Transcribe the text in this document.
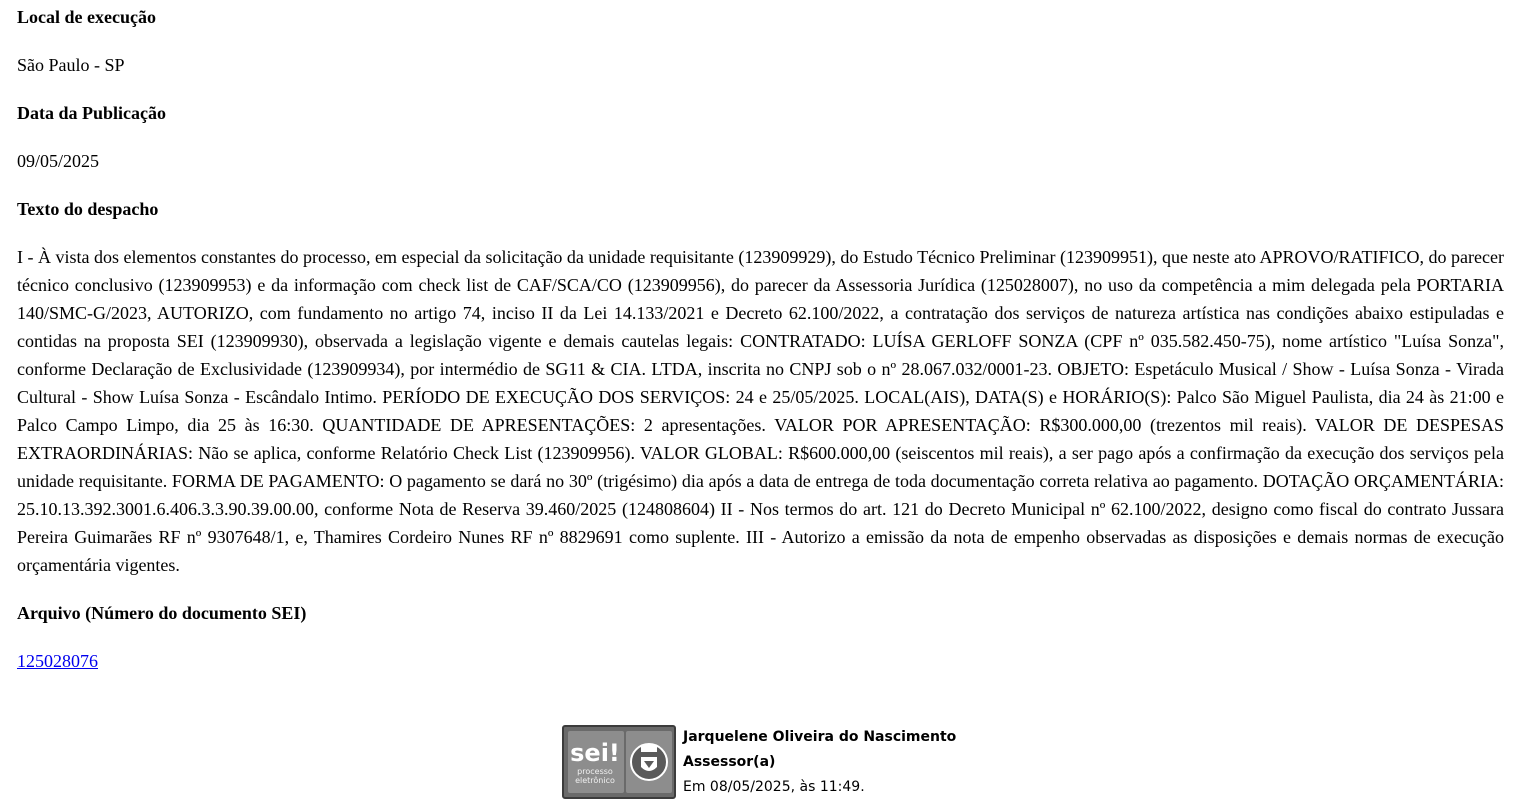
Local de execução
São Paulo - SP
Data da Publicação
09/05/2025
Texto do despacho
I - À vista dos elementos constantes do processo, em especial da solicitação da unidade requisitante (123909929), do Estudo Técnico Preliminar (123909951), que neste ato APROVO/RATIFICO, do parecer técnico conclusivo (123909953) e da informação com check list de CAF/SCA/CO (123909956), do parecer da Assessoria Jurídica (125028007), no uso da competência a mim delegada pela PORTARIA 140/SMC-G/2023, AUTORIZO, com fundamento no artigo 74, inciso II da Lei 14.133/2021 e Decreto 62.100/2022, a contratação dos serviços de natureza artística nas condições abaixo estipuladas e contidas na proposta SEI (123909930), observada a legislação vigente e demais cautelas legais: CONTRATADO: LUÍSA GERLOFF SONZA (CPF nº 035.582.450-75), nome artístico "Luísa Sonza", conforme Declaração de Exclusividade (123909934), por intermédio de SG11 & CIA. LTDA, inscrita no CNPJ sob o nº 28.067.032/0001-23. OBJETO: Espetáculo Musical / Show - Luísa Sonza - Virada Cultural - Show Luísa Sonza - Escândalo Intimo. PERÍODO DE EXECUÇÃO DOS SERVIÇOS: 24 e 25/05/2025. LOCAL(AIS), DATA(S) e HORÁRIO(S): Palco São Miguel Paulista, dia 24 às 21:00 e Palco Campo Limpo, dia 25 às 16:30. QUANTIDADE DE APRESENTAÇÕES: 2 apresentações. VALOR POR APRESENTAÇÃO: R$300.000,00 (trezentos mil reais). VALOR DE DESPESAS EXTRAORDINÁRIAS: Não se aplica, conforme Relatório Check List (123909956). VALOR GLOBAL: R$600.000,00 (seiscentos mil reais), a ser pago após a confirmação da execução dos serviços pela unidade requisitante. FORMA DE PAGAMENTO: O pagamento se dará no 30º (trigésimo) dia após a data de entrega de toda documentação correta relativa ao pagamento. DOTAÇÃO ORÇAMENTÁRIA: 25.10.13.392.3001.6.406.3.3.90.39.00.00, conforme Nota de Reserva 39.460/2025 (124808604) II - Nos termos do art. 121 do Decreto Municipal nº 62.100/2022, designo como fiscal do contrato Jussara Pereira Guimarães RF nº 9307648/1, e, Thamires Cordeiro Nunes RF nº 8829691 como suplente. III - Autorizo a emissão da nota de empenho observadas as disposições e demais normas de execução orçamentária vigentes.
Arquivo (Número do documento SEI)
125028076
sei!
processo
eletrônico
Jarquelene Oliveira do Nascimento
Assessor(a)
Em 08/05/2025, às 11:49.
